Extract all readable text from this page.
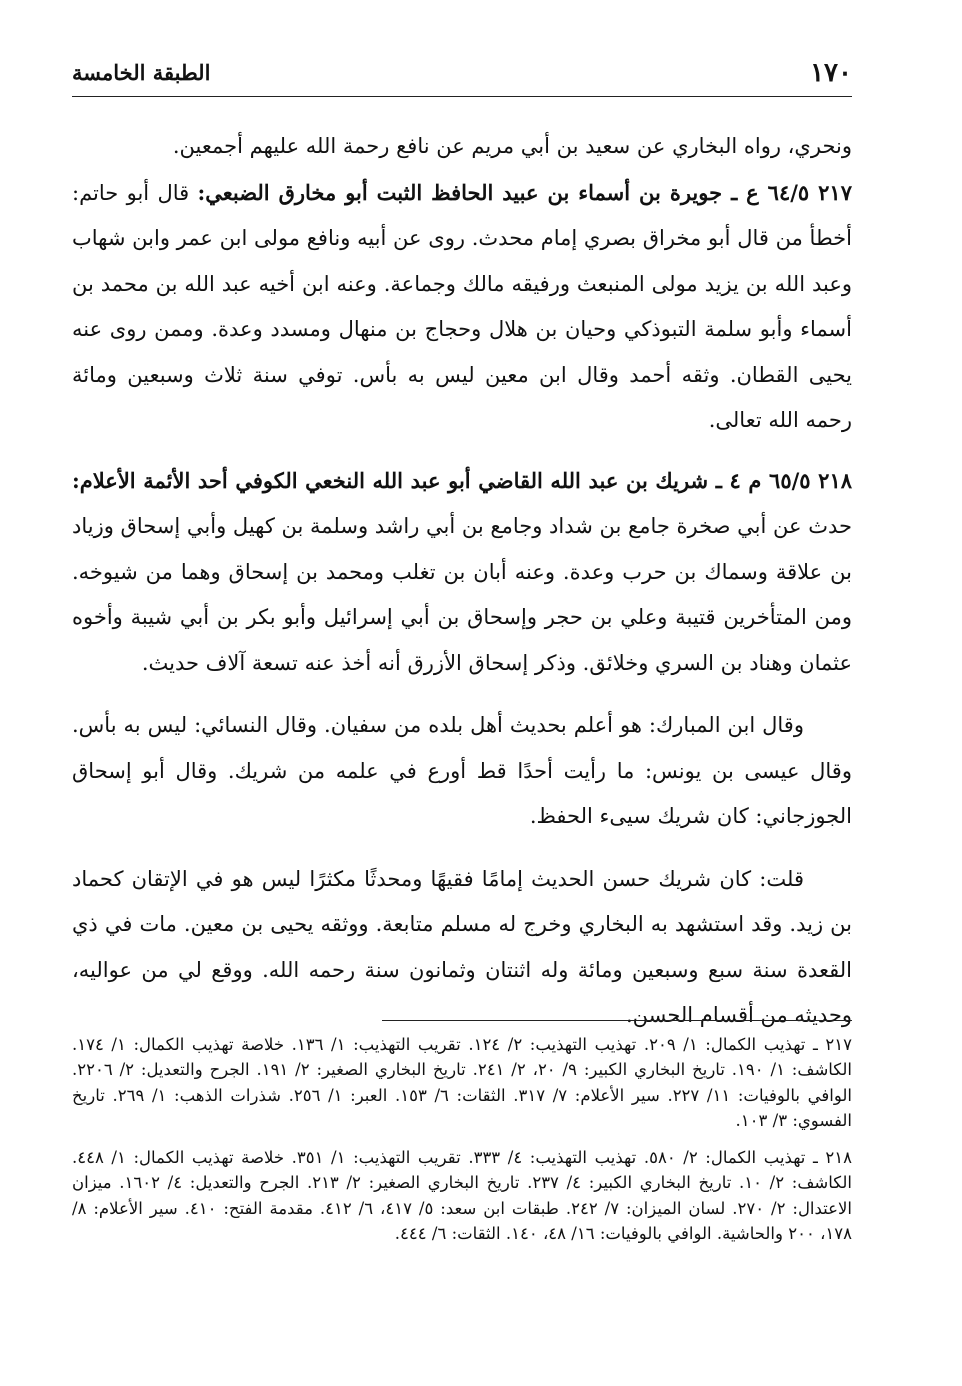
١٧٠
الطبقة الخامسة

ونحري، رواه البخاري عن سعيد بن أبي مريم عن نافع رحمة الله عليهم أجمعين.

٢١٧ ٦٤/٥ ع ـ جويرة بن أسماء بن عبيد الحافظ الثبت أبو مخارق الضبعي: قال أبو حاتم: أخطأ من قال أبو مخراق بصري إمام محدث. روى عن أبيه ونافع مولى ابن عمر وابن شهاب وعبد الله بن يزيد مولى المنبعث ورفيقه مالك وجماعة. وعنه ابن أخيه عبد الله بن محمد بن أسماء وأبو سلمة التبوذكي وحيان بن هلال وحجاج بن منهال ومسدد وعدة. وممن روى عنه يحيى القطان. وثقه أحمد وقال ابن معين ليس به بأس. توفي سنة ثلاث وسبعين ومائة رحمه الله تعالى.

٢١٨ ٦٥/٥ م ٤ ـ شريك بن عبد الله القاضي أبو عبد الله النخعي الكوفي أحد الأئمة الأعلام: حدث عن أبي صخرة جامع بن شداد وجامع بن أبي راشد وسلمة بن كهيل وأبي إسحاق وزياد بن علاقة وسماك بن حرب وعدة. وعنه أبان بن تغلب ومحمد بن إسحاق وهما من شيوخه. ومن المتأخرين قتيبة وعلي بن حجر وإسحاق بن أبي إسرائيل وأبو بكر بن أبي شيبة وأخوه عثمان وهناد بن السري وخلائق. وذكر إسحاق الأزرق أنه أخذ عنه تسعة آلاف حديث.

وقال ابن المبارك: هو أعلم بحديث أهل بلده من سفيان. وقال النسائي: ليس به بأس. وقال عيسى بن يونس: ما رأيت أحدًا قط أورع في علمه من شريك. وقال أبو إسحاق الجوزجاني: كان شريك سيىء الحفظ.

قلت: كان شريك حسن الحديث إمامًا فقيهًا ومحدثًا مكثرًا ليس هو في الإتقان كحماد بن زيد. وقد استشهد به البخاري وخرج له مسلم متابعة. ووثقه يحيى بن معين. مات في ذي القعدة سنة سبع وسبعين ومائة وله اثنتان وثمانون سنة رحمه الله. ووقع لي من عواليه، وحديثه من أقسام الحسن.

٢١٧ ـ تهذيب الكمال: ١/ ٢٠٩. تهذيب التهذيب: ٢/ ١٢٤. تقريب التهذيب: ١/ ١٣٦. خلاصة تهذيب الكمال: ١/ ١٧٤. الكاشف: ١/ ١٩٠. تاريخ البخاري الكبير: ٩/ ٢٠، ٢/ ٢٤١. تاريخ البخاري الصغير: ٢/ ١٩١. الجرح والتعديل: ٢/ ٢٢٠٦. الوافي بالوفيات: ١١/ ٢٢٧. سير الأعلام: ٧/ ٣١٧. الثقات: ٦/ ١٥٣. العبر: ١/ ٢٥٦. شذرات الذهب: ١/ ٢٦٩. تاريخ الفسوي: ٣/ ١٠٣.

٢١٨ ـ تهذيب الكمال: ٢/ ٥٨٠. تهذيب التهذيب: ٤/ ٣٣٣. تقريب التهذيب: ١/ ٣٥١. خلاصة تهذيب الكمال: ١/ ٤٤٨. الكاشف: ٢/ ١٠. تاريخ البخاري الكبير: ٤/ ٢٣٧. تاريخ البخاري الصغير: ٢/ ٢١٣. الجرح والتعديل: ٤/ ١٦٠٢. ميزان الاعتدال: ٢/ ٢٧٠. لسان الميزان: ٧/ ٢٤٢. طبقات ابن سعد: ٥/ ٤١٧، ٦/ ٤١٢. مقدمة الفتح: ٤١٠. سير الأعلام: ٨/ ١٧٨، ٢٠٠ والحاشية. الوافي بالوفيات: ١٦/ ٤٨، ١٤٠. الثقات: ٦/ ٤٤٤.
